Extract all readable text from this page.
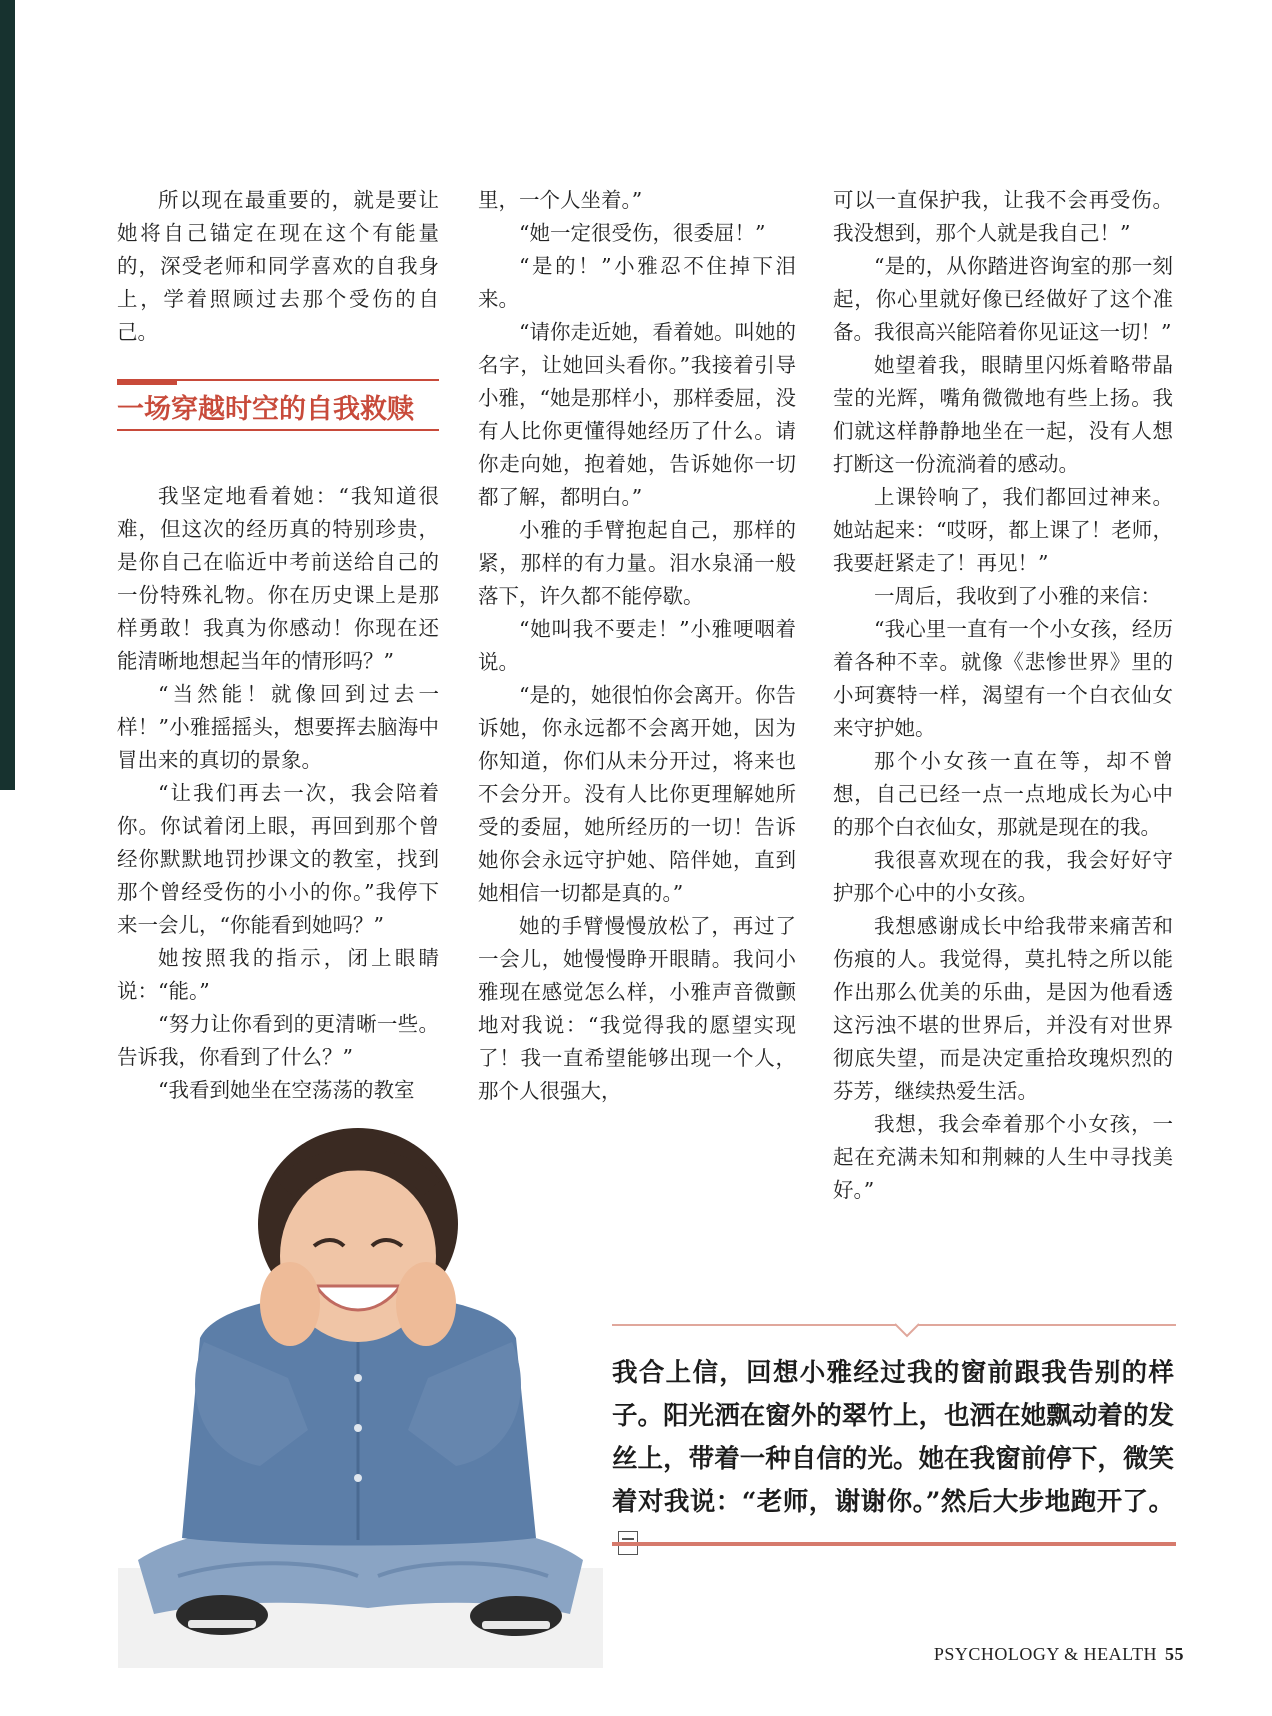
所以现在最重要的，就是要让她将自己锚定在现在这个有能量的，深受老师和同学喜欢的自我身上，学着照顾过去那个受伤的自己。

我坚定地看着她：“我知道很难，但这次的经历真的特别珍贵，是你自己在临近中考前送给自己的一份特殊礼物。你在历史课上是那样勇敢！我真为你感动！你现在还能清晰地想起当年的情形吗？”

“当然能！就像回到过去一样！”小雅摇摇头，想要挥去脑海中冒出来的真切的景象。

“让我们再去一次，我会陪着你。你试着闭上眼，再回到那个曾经你默默地罚抄课文的教室，找到那个曾经受伤的小小的你。”我停下来一会儿，“你能看到她吗？”

她按照我的指示，闭上眼睛说：“能。”

“努力让你看到的更清晰一些。告诉我，你看到了什么？”

“我看到她坐在空荡荡的教室

一场穿越时空的自我救赎

里，一个人坐着。”

“她一定很受伤，很委屈！”

“是的！”小雅忍不住掉下泪来。

“请你走近她，看着她。叫她的名字，让她回头看你。”我接着引导小雅，“她是那样小，那样委屈，没有人比你更懂得她经历了什么。请你走向她，抱着她，告诉她你一切都了解，都明白。”

小雅的手臂抱起自己，那样的紧，那样的有力量。泪水泉涌一般落下，许久都不能停歇。

“她叫我不要走！”小雅哽咽着说。

“是的，她很怕你会离开。你告诉她，你永远都不会离开她，因为你知道，你们从未分开过，将来也不会分开。没有人比你更理解她所受的委屈，她所经历的一切！告诉她你会永远守护她、陪伴她，直到她相信一切都是真的。”

她的手臂慢慢放松了，再过了一会儿，她慢慢睁开眼睛。我问小雅现在感觉怎么样，小雅声音微颤地对我说：“我觉得我的愿望实现了！我一直希望能够出现一个人，那个人很强大，

可以一直保护我，让我不会再受伤。我没想到，那个人就是我自己！”

“是的，从你踏进咨询室的那一刻起，你心里就好像已经做好了这个准备。我很高兴能陪着你见证这一切！”

她望着我，眼睛里闪烁着略带晶莹的光辉，嘴角微微地有些上扬。我们就这样静静地坐在一起，没有人想打断这一份流淌着的感动。

上课铃响了，我们都回过神来。她站起来：“哎呀，都上课了！老师，我要赶紧走了！再见！”

一周后，我收到了小雅的来信：

“我心里一直有一个小女孩，经历着各种不幸。就像《悲惨世界》里的小珂赛特一样，渴望有一个白衣仙女来守护她。

那个小女孩一直在等，却不曾想，自己已经一点一点地成长为心中的那个白衣仙女，那就是现在的我。

我很喜欢现在的我，我会好好守护那个心中的小女孩。

我想感谢成长中给我带来痛苦和伤痕的人。我觉得，莫扎特之所以能作出那么优美的乐曲，是因为他看透这污浊不堪的世界后，并没有对世界彻底失望，而是决定重拾玫瑰炽烈的芬芳，继续热爱生活。

我想，我会牵着那个小女孩，一起在充满未知和荆棘的人生中寻找美好。”

我合上信，回想小雅经过我的窗前跟我告别的样子。阳光洒在窗外的翠竹上，也洒在她飘动着的发丝上，带着一种自信的光。她在我窗前停下，微笑着对我说：“老师，谢谢你。”然后大步地跑开了。
PSYCHOLOGY & HEALTH 55
